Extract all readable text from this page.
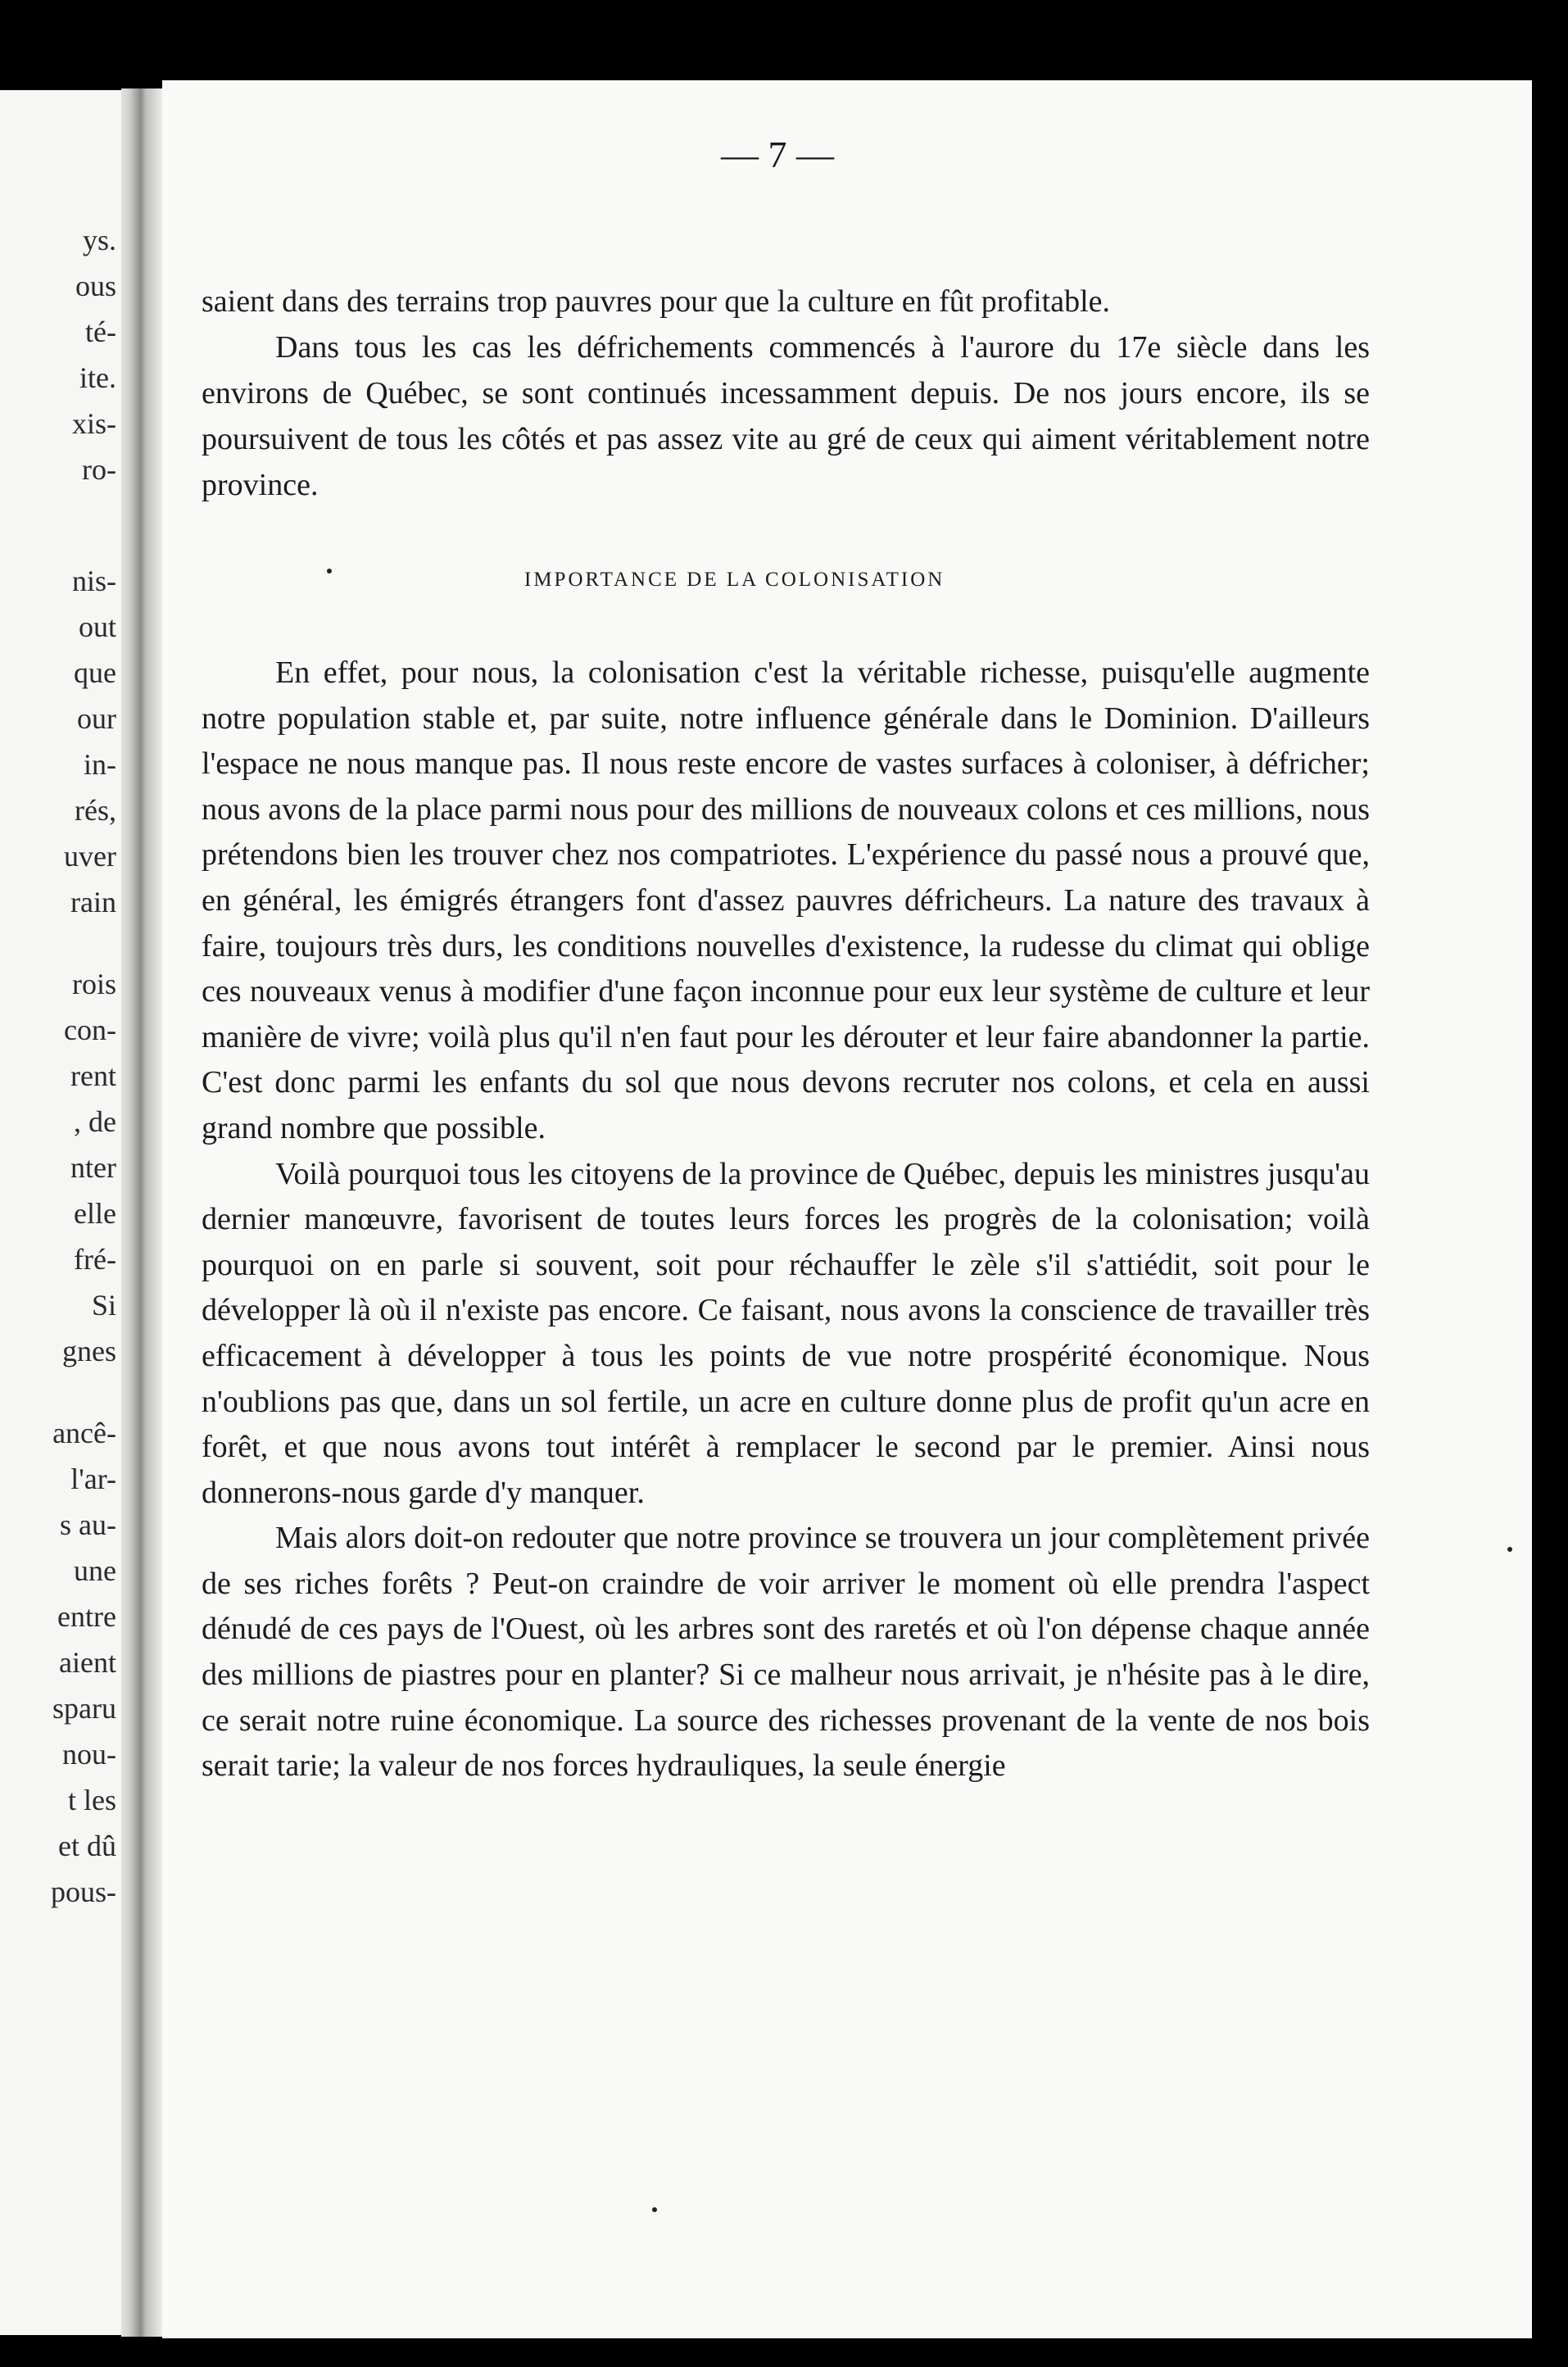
ys.
ous
té-
ite.
xis-
ro-
nis-
out
que
our
in-
rés,
uver
rain
rois
con-
rent
, de
nter
elle
fré-
Si
gnes
ancê-
l'ar-
s au-
une
entre
aient
sparu
nou-
t les
et dû
pous-
— 7 —

saient dans des terrains trop pauvres pour que la culture en fût profitable.

Dans tous les cas les défrichements commencés à l'aurore du 17e siècle dans les environs de Québec, se sont continués incessamment depuis. De nos jours encore, ils se poursuivent de tous les côtés et pas assez vite au gré de ceux qui aiment véritablement notre province.

IMPORTANCE DE LA COLONISATION

En effet, pour nous, la colonisation c'est la véritable richesse, puisqu'elle augmente notre population stable et, par suite, notre influence générale dans le Dominion. D'ailleurs l'espace ne nous manque pas. Il nous reste encore de vastes surfaces à coloniser, à défricher; nous avons de la place parmi nous pour des millions de nouveaux colons et ces millions, nous prétendons bien les trouver chez nos compatriotes. L'expérience du passé nous a prouvé que, en général, les émigrés étrangers font d'assez pauvres défricheurs. La nature des travaux à faire, toujours très durs, les conditions nouvelles d'existence, la rudesse du climat qui oblige ces nouveaux venus à modifier d'une façon inconnue pour eux leur système de culture et leur manière de vivre; voilà plus qu'il n'en faut pour les dérouter et leur faire abandonner la partie. C'est donc parmi les enfants du sol que nous devons recruter nos colons, et cela en aussi grand nombre que possible.

Voilà pourquoi tous les citoyens de la province de Québec, depuis les ministres jusqu'au dernier manœuvre, favorisent de toutes leurs forces les progrès de la colonisation; voilà pourquoi on en parle si souvent, soit pour réchauffer le zèle s'il s'attiédit, soit pour le développer là où il n'existe pas encore. Ce faisant, nous avons la conscience de travailler très efficacement à développer à tous les points de vue notre prospérité économique. Nous n'oublions pas que, dans un sol fertile, un acre en culture donne plus de profit qu'un acre en forêt, et que nous avons tout intérêt à remplacer le second par le premier. Ainsi nous donnerons-nous garde d'y manquer.

Mais alors doit-on redouter que notre province se trouvera un jour complètement privée de ses riches forêts ? Peut-on craindre de voir arriver le moment où elle prendra l'aspect dénudé de ces pays de l'Ouest, où les arbres sont des raretés et où l'on dépense chaque année des millions de piastres pour en planter? Si ce malheur nous arrivait, je n'hésite pas à le dire, ce serait notre ruine économique. La source des richesses provenant de la vente de nos bois serait tarie; la valeur de nos forces hydrauliques, la seule énergie
